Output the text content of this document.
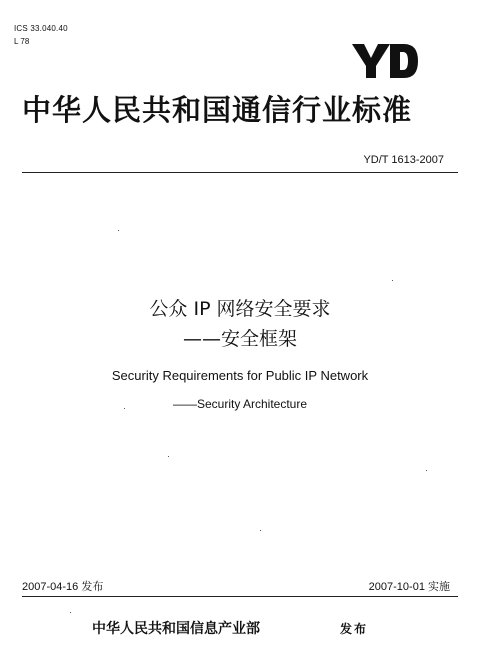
ICS 33.040.40
L 78	YD
中华人民共和国通信行业标准
YD/T 1613-2007
公众 IP 网络安全要求
——安全框架
Security Requirements for Public IP Network
——Security Architecture
2007-04-16 发布	2007-10-01 实施
中华人民共和国信息产业部	发布
